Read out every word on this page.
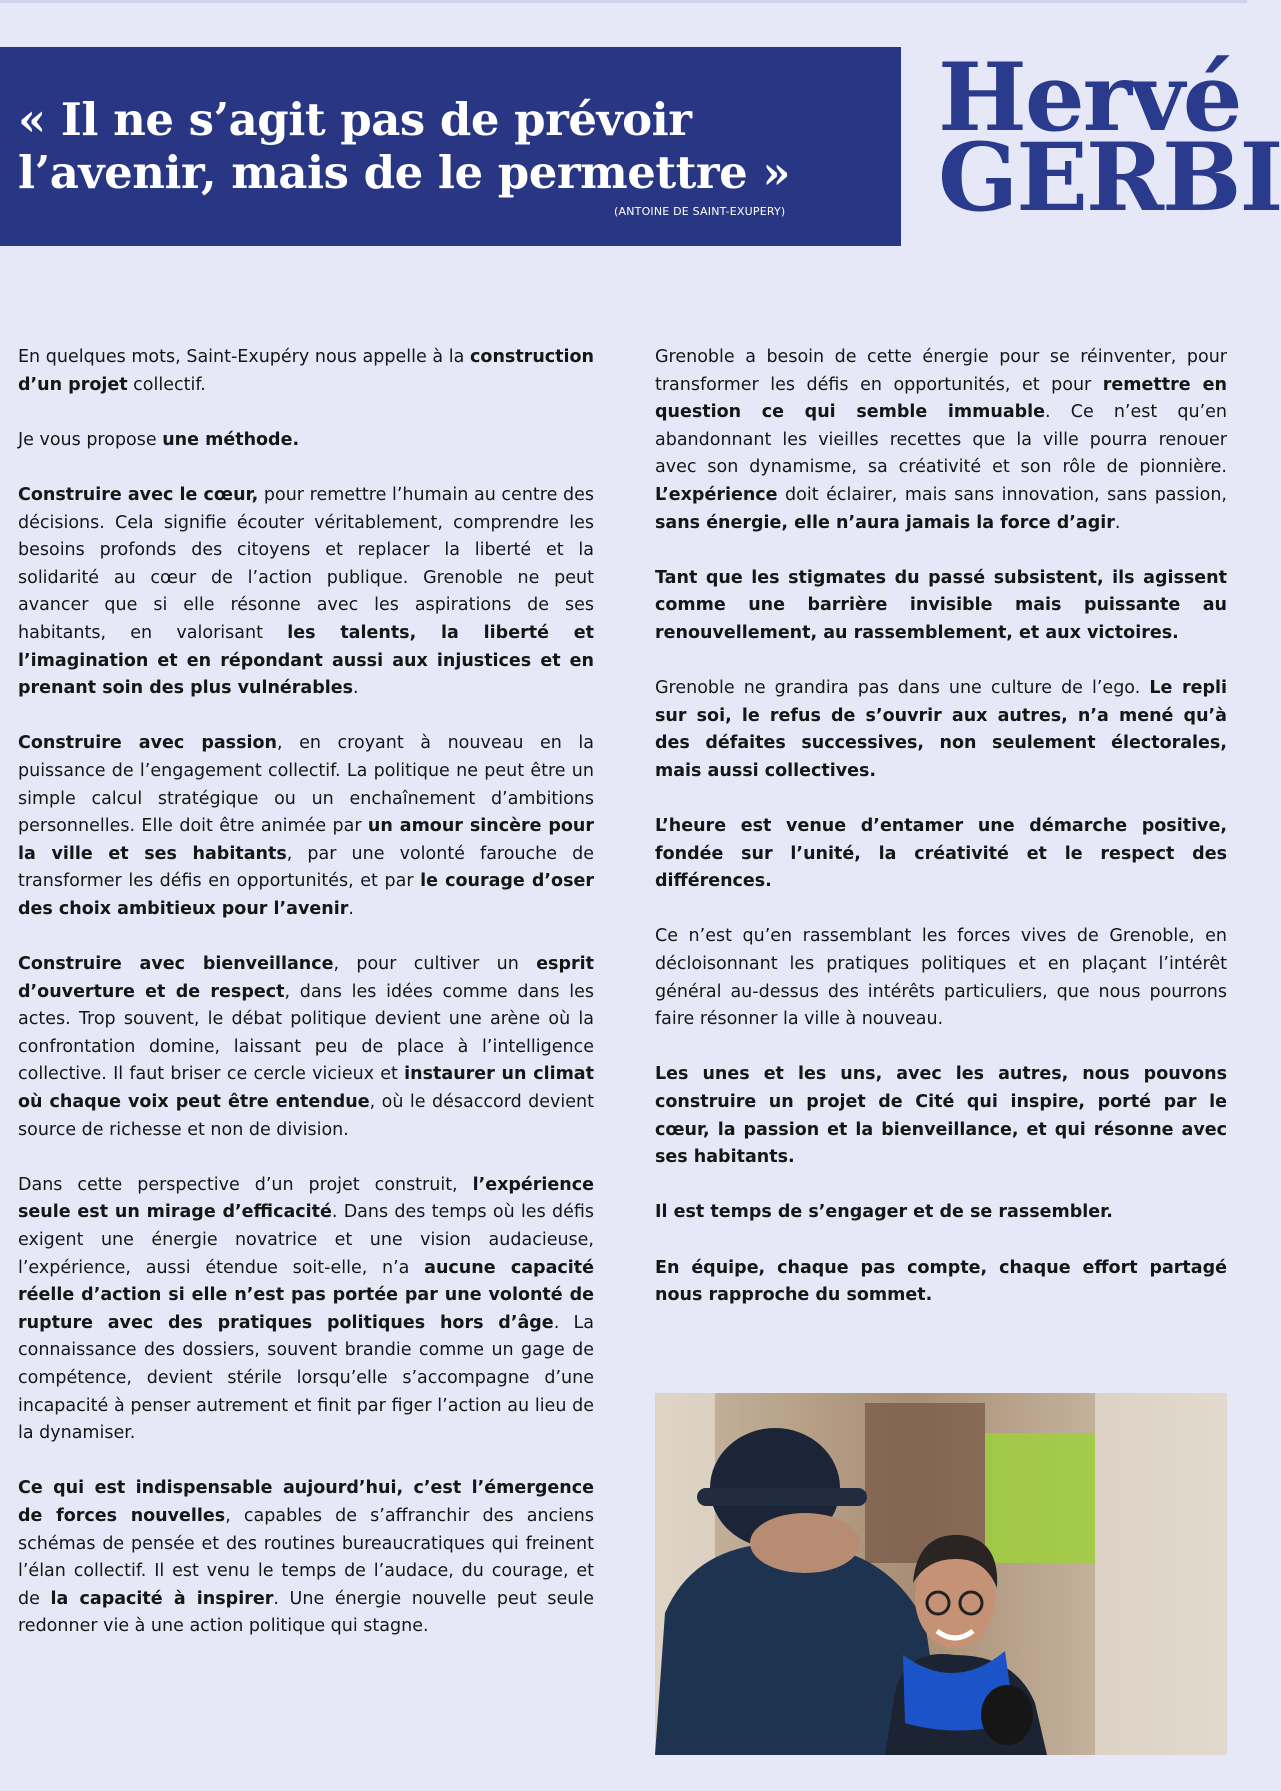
« Il ne s’agit pas de prévoir
l’avenir, mais de le permettre »
(ANTOINE DE SAINT-EXUPERY)
Hervé
GERBI

En quelques mots, Saint-Exupéry nous appelle à la construction d’un projet collectif.

Je vous propose une méthode.

Construire avec le cœur, pour remettre l’humain au centre des décisions. Cela signifie écouter véritablement, comprendre les besoins profonds des citoyens et replacer la liberté et la solidarité au cœur de l’action publique. Grenoble ne peut avancer que si elle résonne avec les aspirations de ses habitants, en valorisant les talents, la liberté et l’imagination et en répondant aussi aux injustices et en prenant soin des plus vulnérables.

Construire avec passion, en croyant à nouveau en la puissance de l’engagement collectif. La politique ne peut être un simple calcul stratégique ou un enchaînement d’ambitions personnelles. Elle doit être animée par un amour sincère pour la ville et ses habitants, par une volonté farouche de transformer les défis en opportunités, et par le courage d’oser des choix ambitieux pour l’avenir.

Construire avec bienveillance, pour cultiver un esprit d’ouverture et de respect, dans les idées comme dans les actes. Trop souvent, le débat politique devient une arène où la confrontation domine, laissant peu de place à l’intelligence collective. Il faut briser ce cercle vicieux et instaurer un climat où chaque voix peut être entendue, où le désaccord devient source de richesse et non de division.

Dans cette perspective d’un projet construit, l’expérience seule est un mirage d’efficacité. Dans des temps où les défis exigent une énergie novatrice et une vision audacieuse, l’expérience, aussi étendue soit-elle, n’a aucune capacité réelle d’action si elle n’est pas portée par une volonté de rupture avec des pratiques politiques hors d’âge. La connaissance des dossiers, souvent brandie comme un gage de compétence, devient stérile lorsqu’elle s’accompagne d’une incapacité à penser autrement et finit par figer l’action au lieu de la dynamiser.

Ce qui est indispensable aujourd’hui, c’est l’émergence de forces nouvelles, capables de s’affranchir des anciens schémas de pensée et des routines bureaucratiques qui freinent l’élan collectif. Il est venu le temps de l’audace, du courage, et de la capacité à inspirer. Une énergie nouvelle peut seule redonner vie à une action politique qui stagne.

Grenoble a besoin de cette énergie pour se réinventer, pour transformer les défis en opportunités, et pour remettre en question ce qui semble immuable. Ce n’est qu’en abandonnant les vieilles recettes que la ville pourra renouer avec son dynamisme, sa créativité et son rôle de pionnière. L’expérience doit éclairer, mais sans innovation, sans passion, sans énergie, elle n’aura jamais la force d’agir.

Tant que les stigmates du passé subsistent, ils agissent comme une barrière invisible mais puissante au renouvellement, au rassemblement, et aux victoires.

Grenoble ne grandira pas dans une culture de l’ego. Le repli sur soi, le refus de s’ouvrir aux autres, n’a mené qu’à des défaites successives, non seulement électorales, mais aussi collectives.

L’heure est venue d’entamer une démarche positive, fondée sur l’unité, la créativité et le respect des différences.

Ce n’est qu’en rassemblant les forces vives de Grenoble, en décloisonnant les pratiques politiques et en plaçant l’intérêt général au-dessus des intérêts particuliers, que nous pourrons faire résonner la ville à nouveau.

Les unes et les uns, avec les autres, nous pouvons construire un projet de Cité qui inspire, porté par le cœur, la passion et la bienveillance, et qui résonne avec ses habitants.

Il est temps de s’engager et de se rassembler.

En équipe, chaque pas compte, chaque effort partagé nous rapproche du sommet.
